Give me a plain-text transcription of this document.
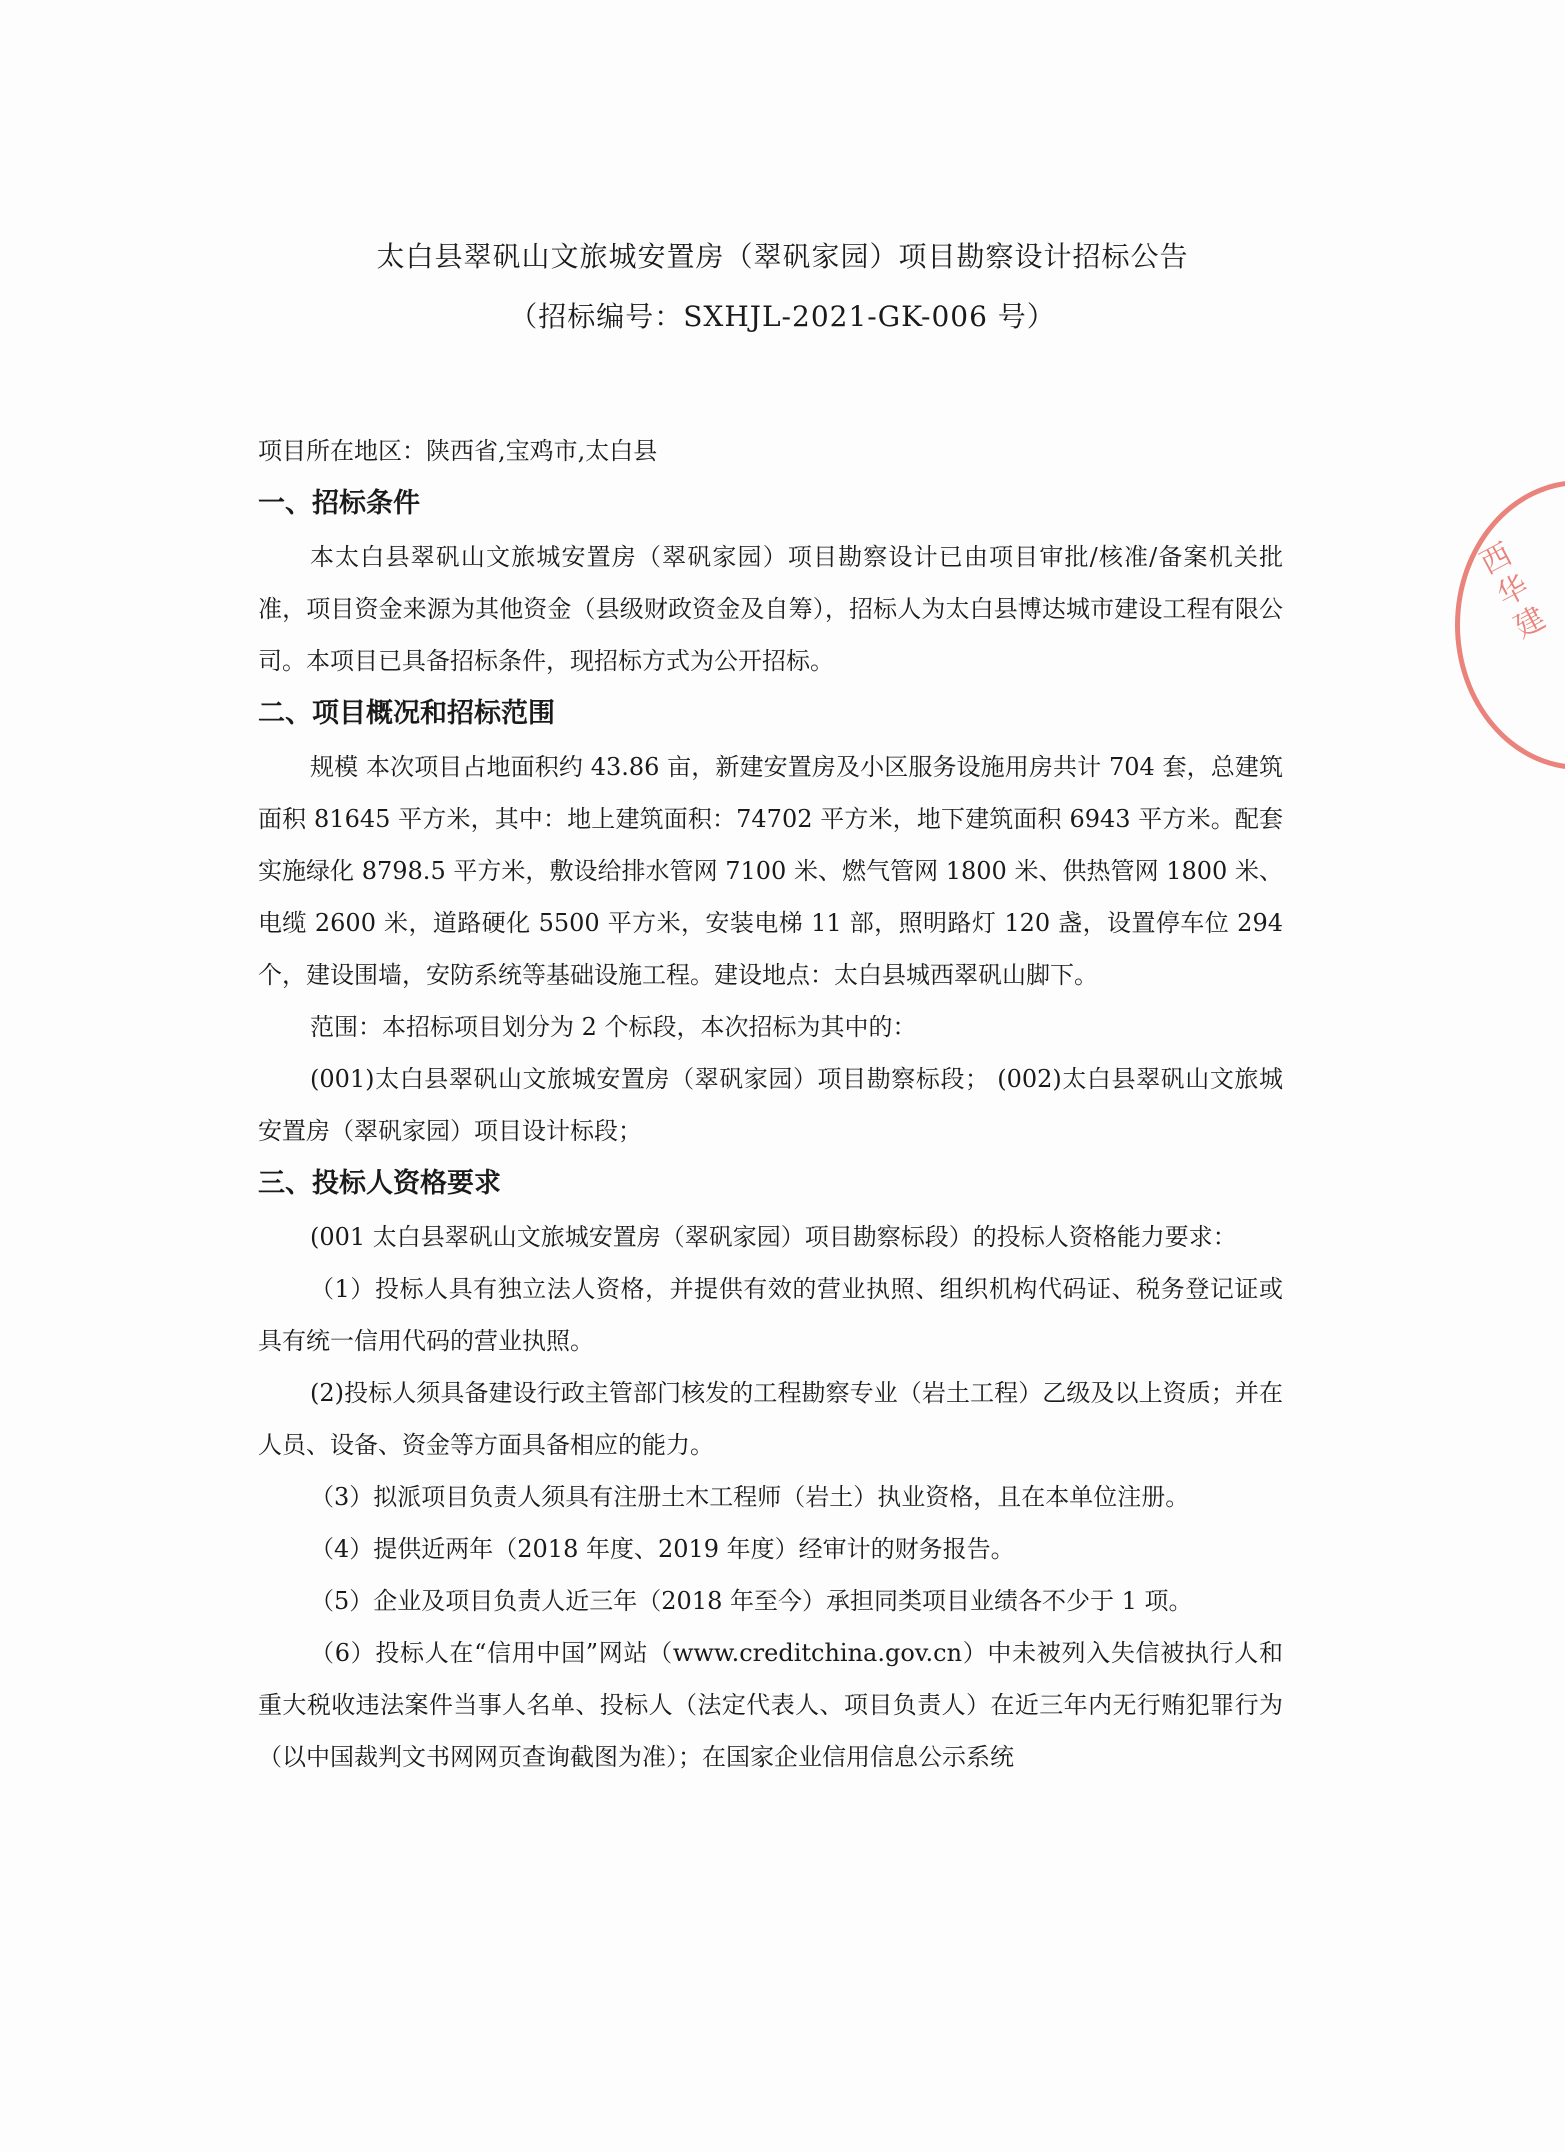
太白县翠矾山文旅城安置房（翠矾家园）项目勘察设计招标公告
（招标编号：SXHJL-2021-GK-006 号）

项目所在地区：陕西省,宝鸡市,太白县

一、招标条件

本太白县翠矾山文旅城安置房（翠矾家园）项目勘察设计已由项目审批/核准/备案机关批准，项目资金来源为其他资金（县级财政资金及自筹），招标人为太白县博达城市建设工程有限公司。本项目已具备招标条件，现招标方式为公开招标。

二、项目概况和招标范围

规模 本次项目占地面积约 43.86 亩，新建安置房及小区服务设施用房共计 704 套，总建筑面积 81645 平方米，其中：地上建筑面积：74702 平方米，地下建筑面积 6943 平方米。配套实施绿化 8798.5 平方米，敷设给排水管网 7100 米、燃气管网 1800 米、供热管网 1800 米、电缆 2600 米，道路硬化 5500 平方米，安装电梯 11 部，照明路灯 120 盏，设置停车位 294 个，建设围墙，安防系统等基础设施工程。建设地点：太白县城西翠矾山脚下。

范围：本招标项目划分为 2 个标段，本次招标为其中的：

(001)太白县翠矾山文旅城安置房（翠矾家园）项目勘察标段； (002)太白县翠矾山文旅城安置房（翠矾家园）项目设计标段；

三、投标人资格要求

(001 太白县翠矾山文旅城安置房（翠矾家园）项目勘察标段）的投标人资格能力要求：

（1）投标人具有独立法人资格，并提供有效的营业执照、组织机构代码证、税务登记证或具有统一信用代码的营业执照。

(2)投标人须具备建设行政主管部门核发的工程勘察专业（岩土工程）乙级及以上资质；并在人员、设备、资金等方面具备相应的能力。

（3）拟派项目负责人须具有注册土木工程师（岩土）执业资格，且在本单位注册。

（4）提供近两年（2018 年度、2019 年度）经审计的财务报告。

（5）企业及项目负责人近三年（2018 年至今）承担同类项目业绩各不少于 1 项。

（6）投标人在“信用中国”网站（www.creditchina.gov.cn）中未被列入失信被执行人和重大税收违法案件当事人名单、投标人（法定代表人、项目负责人）在近三年内无行贿犯罪行为（以中国裁判文书网网页查询截图为准）；在国家企业信用信息公示系统

西华建
